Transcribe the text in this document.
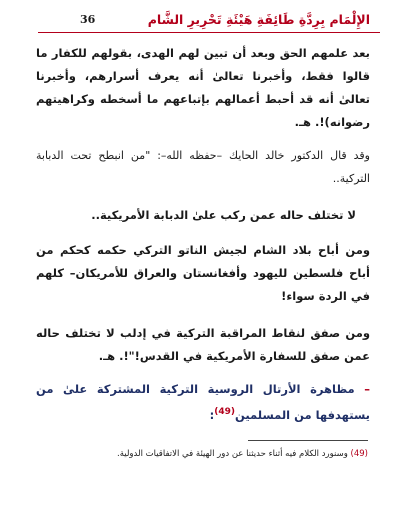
الإِلْمَام بِرِدَّةِ طَائِفَةِ هَيْئَةِ تَحْرِيرِ الشَّام
36

بعد علمهم الحق وبعد أن تبين لهم الهدى، بقولهم للكفار ما قالوا فقط، وأخبرنا تعالىٰ أنه يعرف أسرارهم، وأخبرنا تعالىٰ أنه قد أحبط أعمالهم بإتباعهم ما أسخطه وكراهيتهم رضوانه)!. هـ.

وقد قال الدكتور خالد الحايك –حفظه الله–: "من انبطح تحت الدبابة التركية..

لا تختلف حاله عمن ركب علىٰ الدبابة الأمريكية..

ومن أباح بلاد الشام لجيش الناتو التركي حكمه كحكم من أباح فلسطين لليهود وأفغانستان والعراق للأمريكان– كلهم في الردة سواء!

ومن صفق لنقاط المراقبة التركية في إدلب لا تختلف حاله عمن صفق للسفارة الأمريكية في القدس!"!. هـ.

– مظاهرة الأرتال الروسية التركية المشتركة علىٰ من يستهدفها من المسلمين$^{(49)}$:

(49) وسنورد الكلام فيه أثناء حديثنا عن دور الهيئة في الاتفاقيات الدولية.
